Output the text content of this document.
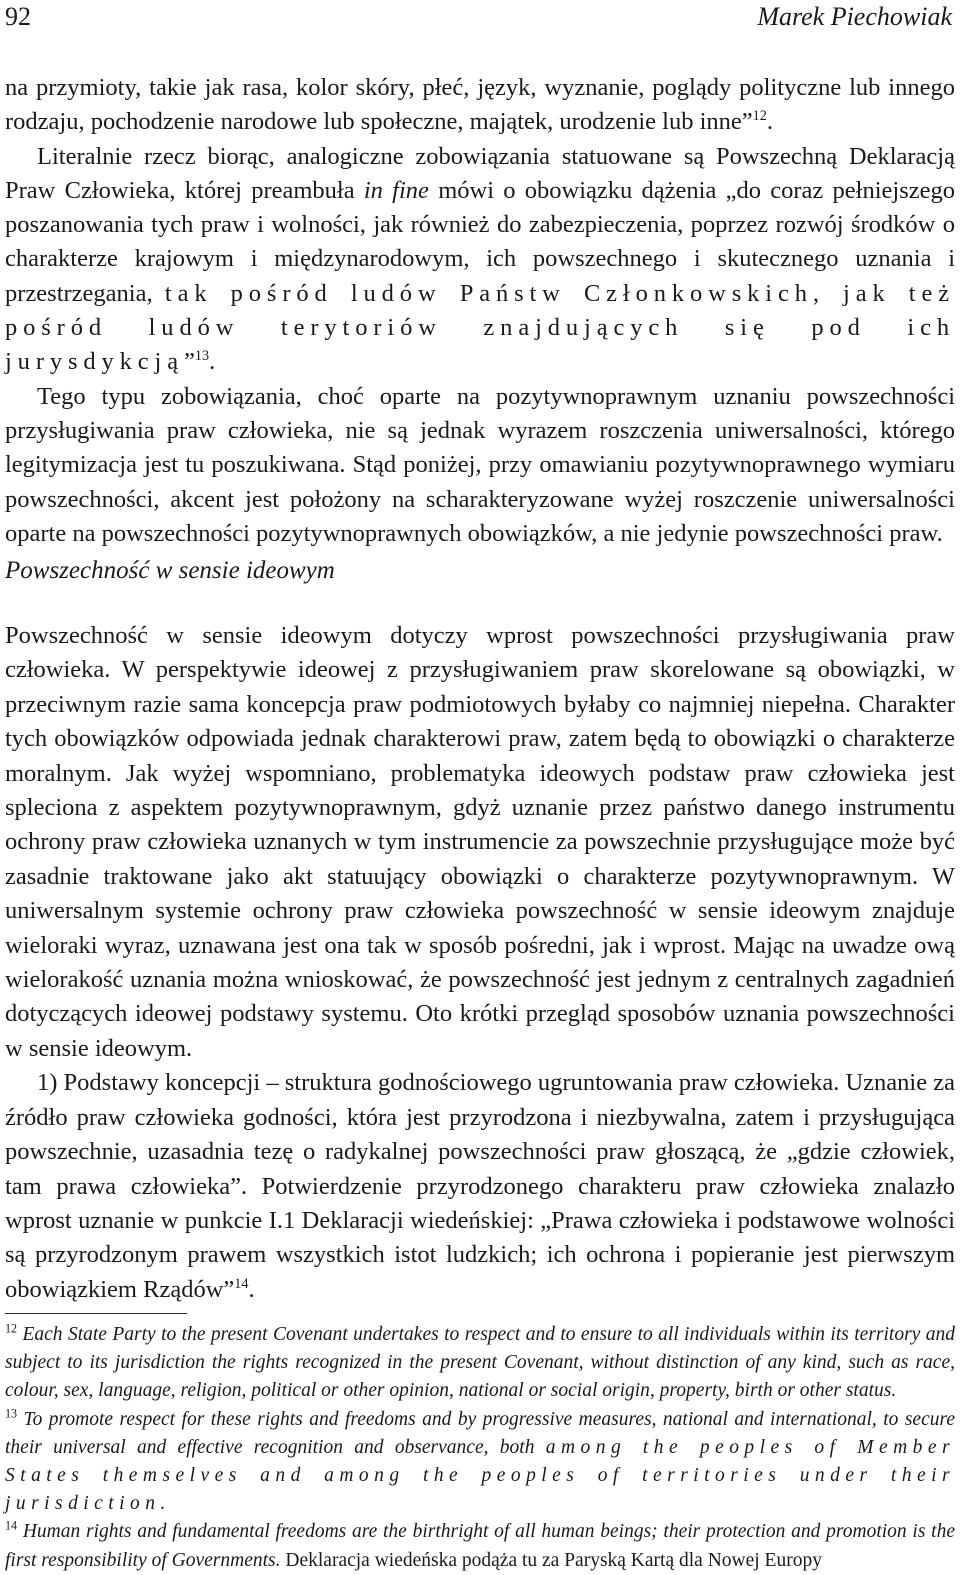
92	Marek Piechowiak

na przymioty, takie jak rasa, kolor skóry, płeć, język, wyznanie, poglądy polityczne lub innego rodzaju, pochodzenie narodowe lub społeczne, majątek, urodzenie lub inne”$^{12}$.

Literalnie rzecz biorąc, analogiczne zobowiązania statuowane są Powszechną Deklaracją Praw Człowieka, której preambuła in fine mówi o obowiązku dążenia „do coraz pełniejszego poszanowania tych praw i wolności, jak również do zabezpieczenia, poprzez rozwój środków o charakterze krajowym i międzynarodowym, ich powszechnego i skutecznego uznania i przestrzegania, tak pośród ludów Państw Członkowskich, jak też pośród ludów terytoriów znajdujących się pod ich jurysdykcją”$^{13}$.

Tego typu zobowiązania, choć oparte na pozytywnoprawnym uznaniu powszechności przysługiwania praw człowieka, nie są jednak wyrazem roszczenia uniwersalności, którego legitymizacja jest tu poszukiwana. Stąd poniżej, przy omawianiu pozytywnoprawnego wymiaru powszechności, akcent jest położony na scharakteryzowane wyżej roszczenie uniwersalności oparte na powszechności pozytywnoprawnych obowiązków, a nie jedynie powszechności praw.

Powszechność w sensie ideowym

Powszechność w sensie ideowym dotyczy wprost powszechności przysługiwania praw człowieka. W perspektywie ideowej z przysługiwaniem praw skorelowane są obowiązki, w przeciwnym razie sama koncepcja praw podmiotowych byłaby co najmniej niepełna. Charakter tych obowiązków odpowiada jednak charakterowi praw, zatem będą to obowiązki o charakterze moralnym. Jak wyżej wspomniano, problematyka ideowych podstaw praw człowieka jest spleciona z aspektem pozytywnoprawnym, gdyż uznanie przez państwo danego instrumentu ochrony praw człowieka uznanych w tym instrumencie za powszechnie przysługujące może być zasadnie traktowane jako akt statuujący obowiązki o charakterze pozytywnoprawnym. W uniwersalnym systemie ochrony praw człowieka powszechność w sensie ideowym znajduje wieloraki wyraz, uznawana jest ona tak w sposób pośredni, jak i wprost. Mając na uwadze ową wielorakość uznania można wnioskować, że powszechność jest jednym z centralnych zagadnień dotyczących ideowej podstawy systemu. Oto krótki przegląd sposobów uznania powszechności w sensie ideowym.

1) Podstawy koncepcji – struktura godnościowego ugruntowania praw człowieka. Uznanie za źródło praw człowieka godności, która jest przyrodzona i niezbywalna, zatem i przysługująca powszechnie, uzasadnia tezę o radykalnej powszechności praw głoszącą, że „gdzie człowiek, tam prawa człowieka”. Potwierdzenie przyrodzonego charakteru praw człowieka znalazło wprost uznanie w punkcie I.1 Deklaracji wiedeńskiej: „Prawa człowieka i podstawowe wolności są przyrodzonym prawem wszystkich istot ludzkich; ich ochrona i popieranie jest pierwszym obowiązkiem Rządów”$^{14}$.

$^{12}$ Each State Party to the present Covenant undertakes to respect and to ensure to all individuals within its territory and subject to its jurisdiction the rights recognized in the present Covenant, without distinction of any kind, such as race, colour, sex, language, religion, political or other opinion, national or social origin, property, birth or other status.

$^{13}$ To promote respect for these rights and freedoms and by progressive measures, national and international, to secure their universal and effective recognition and observance, both among the peoples of Member States themselves and among the peoples of territories under their jurisdiction.

$^{14}$ Human rights and fundamental freedoms are the birthright of all human beings; their protection and promotion is the first responsibility of Governments. Deklaracja wiedeńska podąża tu za Paryską Kartą dla Nowej Europy
